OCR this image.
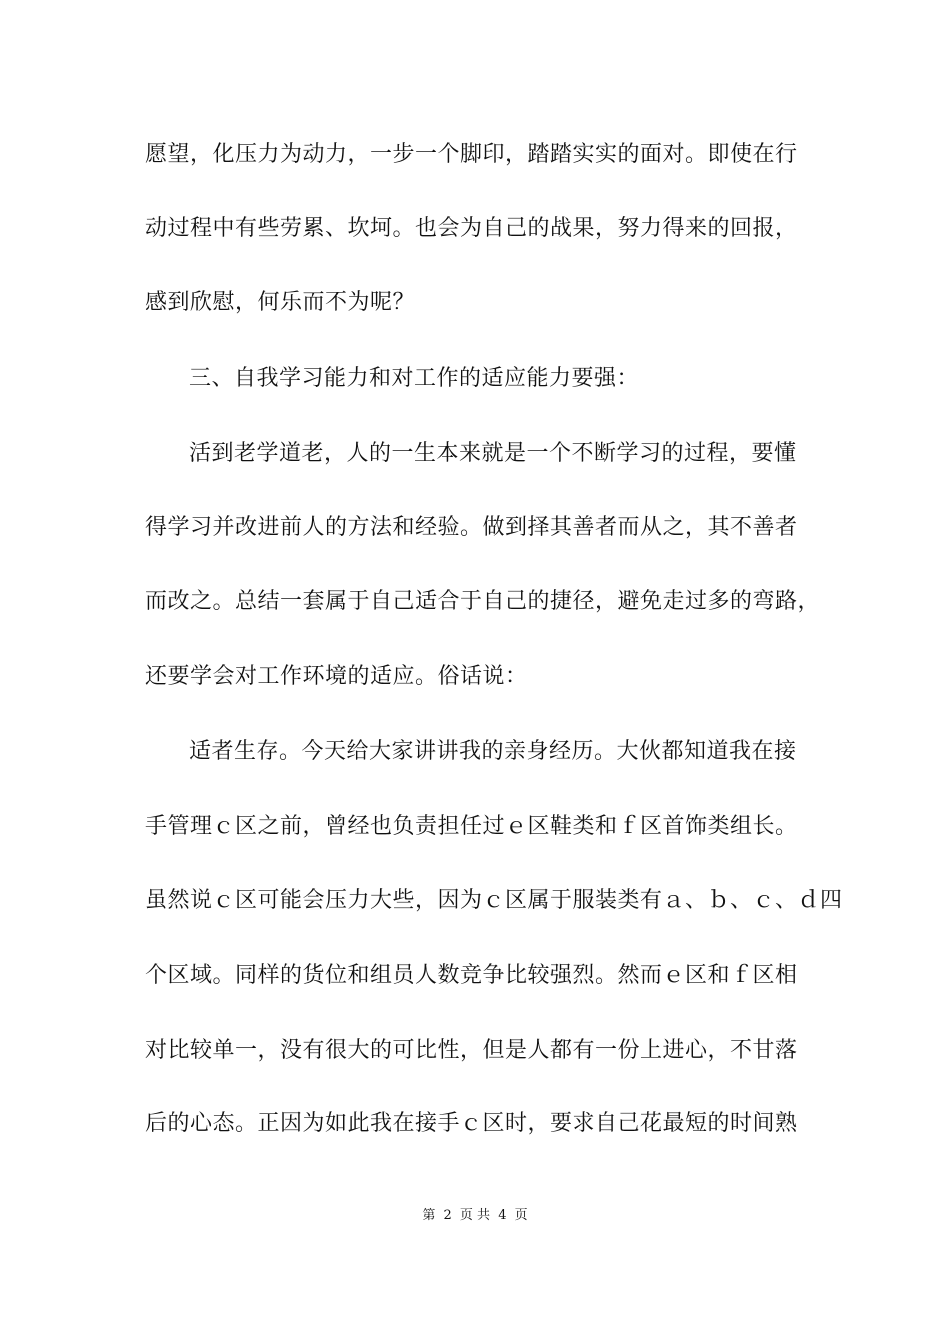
愿望，化压力为动力，一步一个脚印，踏踏实实的面对。即使在行
动过程中有些劳累、坎坷。也会为自己的战果，努力得来的回报，
感到欣慰，何乐而不为呢？
三、自我学习能力和对工作的适应能力要强：
活到老学道老，人的一生本来就是一个不断学习的过程，要懂
得学习并改进前人的方法和经验。做到择其善者而从之，其不善者
而改之。总结一套属于自己适合于自己的捷径，避免走过多的弯路，
还要学会对工作环境的适应。俗话说：
适者生存。今天给大家讲讲我的亲身经历。大伙都知道我在接
手管理ｃ区之前，曾经也负责担任过ｅ区鞋类和ｆ区首饰类组长。
虽然说ｃ区可能会压力大些，因为ｃ区属于服装类有ａ、ｂ、ｃ、ｄ四
个区域。同样的货位和组员人数竞争比较强烈。然而ｅ区和ｆ区相
对比较单一，没有很大的可比性，但是人都有一份上进心，不甘落
后的心态。正因为如此我在接手ｃ区时，要求自己花最短的时间熟
第 2 页 共 4 页
